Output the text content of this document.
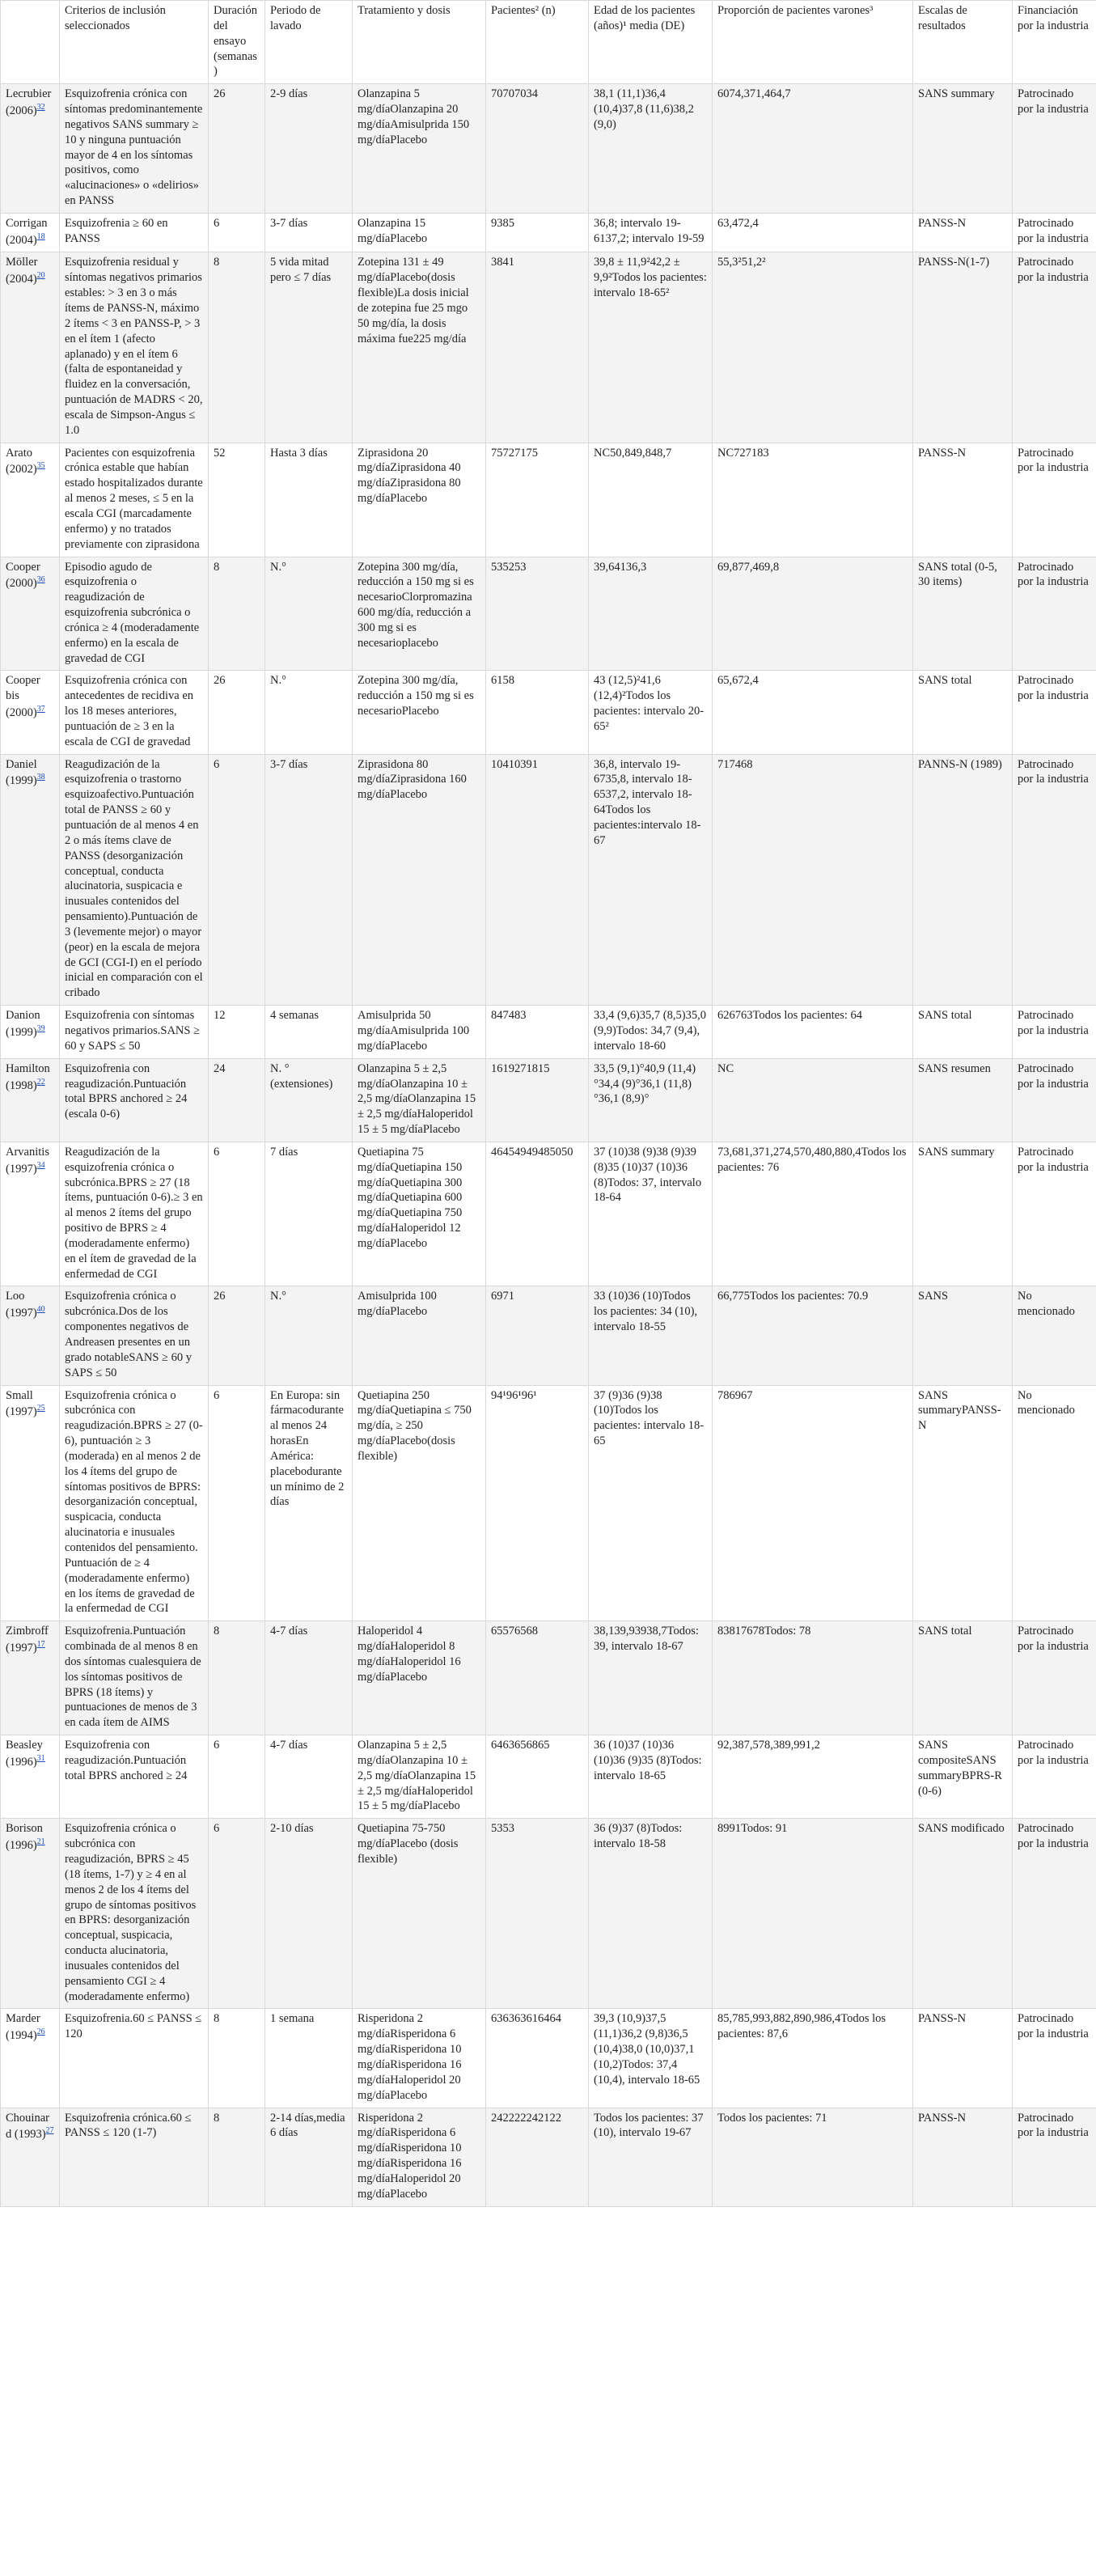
	Criterios de inclusión seleccionados	Duración del ensayo (semanas)	Periodo de lavado	Tratamiento y dosis	Pacientes² (n)	Edad de los pacientes (años)¹ media (DE)	Proporción de pacientes varones³	Escalas de resultados	Financiación por la industria
Lecrubier (2006)$^{32}$	Esquizofrenia crónica con síntomas predominantemente negativos SANS summary ≥ 10 y ninguna puntuación mayor de 4 en los síntomas positivos, como «alucinaciones» o «delirios» en PANSS	26	2-9 días	Olanzapina 5 mg/díaOlanzapina 20 mg/díaAmisulprida 150 mg/díaPlacebo	70707034	38,1 (11,1)36,4 (10,4)37,8 (11,6)38,2 (9,0)	6074,371,464,7	SANS summary	Patrocinado por la industria
Corrigan (2004)$^{18}$	Esquizofrenia ≥ 60 en PANSS	6	3-7 días	Olanzapina 15 mg/díaPlacebo	9385	36,8; intervalo 19-6137,2; intervalo 19-59	63,472,4	PANSS-N	Patrocinado por la industria
Möller (2004)$^{20}$	Esquizofrenia residual y síntomas negativos primarios estables: > 3 en 3 o más ítems de PANSS-N, máximo 2 ítems < 3 en PANSS-P, > 3 en el ítem 1 (afecto aplanado) y en el ítem 6 (falta de espontaneidad y fluidez en la conversación, puntuación de MADRS < 20, escala de Simpson-Angus ≤ 1.0	8	5 vida mitad pero ≤ 7 días	Zotepina 131 ± 49 mg/díaPlacebo(dosis flexible)La dosis inicial de zotepina fue 25 mgo 50 mg/día, la dosis máxima fue225 mg/día	3841	39,8 ± 11,9²42,2 ± 9,9²Todos los pacientes: intervalo 18-65²	55,3²51,2²	PANSS-N(1-7)	Patrocinado por la industria
Arato (2002)$^{35}$	Pacientes con esquizofrenia crónica estable que habían estado hospitalizados durante al menos 2 meses, ≤ 5 en la escala CGI (marcadamente enfermo) y no tratados previamente con ziprasidona	52	Hasta 3 días	Ziprasidona 20 mg/díaZiprasidona 40 mg/díaZiprasidona 80 mg/díaPlacebo	75727175	NC50,849,848,7	NC727183	PANSS-N	Patrocinado por la industria
Cooper (2000)$^{36}$	Episodio agudo de esquizofrenia o reagudización de esquizofrenia subcrónica o crónica ≥ 4 (moderadamente enfermo) en la escala de gravedad de CGI	8	N.°	Zotepina 300 mg/día, reducción a 150 mg si es necesarioClorpromazina 600 mg/día, reducción a 300 mg si es necesarioplacebo	535253	39,64136,3	69,877,469,8	SANS total (0-5, 30 items)	Patrocinado por la industria
Cooper bis (2000)$^{37}$	Esquizofrenia crónica con antecedentes de recidiva en los 18 meses anteriores, puntuación de ≥ 3 en la escala de CGI de gravedad	26	N.°	Zotepina 300 mg/día, reducción a 150 mg si es necesarioPlacebo	6158	43 (12,5)²41,6 (12,4)²Todos los pacientes: intervalo 20-65²	65,672,4	SANS total	Patrocinado por la industria
Daniel (1999)$^{38}$	Reagudización de la esquizofrenia o trastorno esquizoafectivo.Puntuación total de PANSS ≥ 60 y puntuación de al menos 4 en 2 o más ítems clave de PANSS (desorganización conceptual, conducta alucinatoria, suspicacia e inusuales contenidos del pensamiento).Puntuación de 3 (levemente mejor) o mayor (peor) en la escala de mejora de GCI (CGI-I) en el período inicial en comparación con el cribado	6	3-7 días	Ziprasidona 80 mg/díaZiprasidona 160 mg/díaPlacebo	10410391	36,8, intervalo 19-6735,8, intervalo 18-6537,2, intervalo 18-64Todos los pacientes:intervalo 18-67	717468	PANNS-N (1989)	Patrocinado por la industria
Danion (1999)$^{39}$	Esquizofrenia con síntomas negativos primarios.SANS ≥ 60 y SAPS ≤ 50	12	4 semanas	Amisulprida 50 mg/díaAmisulprida 100 mg/díaPlacebo	847483	33,4 (9,6)35,7 (8,5)35,0 (9,9)Todos: 34,7 (9,4), intervalo 18-60	626763Todos los pacientes: 64	SANS total	Patrocinado por la industria
Hamilton (1998)$^{22}$	Esquizofrenia con reagudización.Puntuación total BPRS anchored ≥ 24 (escala 0-6)	24	N. °(extensiones)	Olanzapina 5 ± 2,5 mg/díaOlanzapina 10 ± 2,5 mg/díaOlanzapina 15 ± 2,5 mg/díaHaloperidol 15 ± 5 mg/díaPlacebo	1619271815	33,5 (9,1)°40,9 (11,4)°34,4 (9)°36,1 (11,8)°36,1 (8,9)°	NC	SANS resumen	Patrocinado por la industria
Arvanitis (1997)$^{34}$	Reagudización de la esquizofrenia crónica o subcrónica.BPRS ≥ 27 (18 ítems, puntuación 0-6).≥ 3 en al menos 2 ítems del grupo positivo de BPRS ≥ 4 (moderadamente enfermo) en el ítem de gravedad de la enfermedad de CGI	6	7 días	Quetiapina 75 mg/díaQuetiapina 150 mg/díaQuetiapina 300 mg/díaQuetiapina 600 mg/díaQuetiapina 750 mg/díaHaloperidol 12 mg/díaPlacebo	46454949485050	37 (10)38 (9)38 (9)39 (8)35 (10)37 (10)36 (8)Todos: 37, intervalo 18-64	73,681,371,274,570,480,880,4Todos los pacientes: 76	SANS summary	Patrocinado por la industria
Loo (1997)$^{40}$	Esquizofrenia crónica o subcrónica.Dos de los componentes negativos de Andreasen presentes en un grado notableSANS ≥ 60 y SAPS ≤ 50	26	N.°	Amisulprida 100 mg/díaPlacebo	6971	33 (10)36 (10)Todos los pacientes: 34 (10), intervalo 18-55	66,775Todos los pacientes: 70.9	SANS	No mencionado
Small (1997)$^{25}$	Esquizofrenia crónica o subcrónica con reagudización.BPRS ≥ 27 (0-6), puntuación ≥ 3 (moderada) en al menos 2 de los 4 ítems del grupo de síntomas positivos de BPRS: desorganización conceptual, suspicacia, conducta alucinatoria e inusuales contenidos del pensamiento. Puntuación de ≥ 4 (moderadamente enfermo) en los ítems de gravedad de la enfermedad de CGI	6	En Europa: sin fármacodurante al menos 24 horasEn América: placebodurante un mínimo de 2 días	Quetiapina 250 mg/díaQuetiapina ≤ 750 mg/día, ≥ 250 mg/díaPlacebo(dosis flexible)	94¹96¹96¹	37 (9)36 (9)38 (10)Todos los pacientes: intervalo 18-65	786967	SANS summaryPANSS-N	No mencionado
Zimbroff (1997)$^{17}$	Esquizofrenia.Puntuación combinada de al menos 8 en dos síntomas cualesquiera de los síntomas positivos de BPRS (18 ítems) y puntuaciones de menos de 3 en cada ítem de AIMS	8	4-7 días	Haloperidol 4 mg/díaHaloperidol 8 mg/díaHaloperidol 16 mg/díaPlacebo	65576568	38,139,93938,7Todos: 39, intervalo 18-67	83817678Todos: 78	SANS total	Patrocinado por la industria
Beasley (1996)$^{31}$	Esquizofrenia con reagudización.Puntuación total BPRS anchored ≥ 24	6	4-7 días	Olanzapina 5 ± 2,5 mg/díaOlanzapina 10 ± 2,5 mg/díaOlanzapina 15 ± 2,5 mg/díaHaloperidol 15 ± 5 mg/díaPlacebo	6463656865	36 (10)37 (10)36 (10)36 (9)35 (8)Todos: intervalo 18-65	92,387,578,389,991,2	SANS compositeSANS summaryBPRS-R (0-6)	Patrocinado por la industria
Borison (1996)$^{21}$	Esquizofrenia crónica o subcrónica con reagudización, BPRS ≥ 45 (18 ítems, 1-7) y ≥ 4 en al menos 2 de los 4 ítems del grupo de síntomas positivos en BPRS: desorganización conceptual, suspicacia, conducta alucinatoria, inusuales contenidos del pensamiento CGI ≥ 4 (moderadamente enfermo)	6	2-10 días	Quetiapina 75-750 mg/díaPlacebo (dosis flexible)	5353	36 (9)37 (8)Todos: intervalo 18-58	8991Todos: 91	SANS modificado	Patrocinado por la industria
Marder (1994)$^{26}$	Esquizofrenia.60 ≤ PANSS ≤ 120	8	1 semana	Risperidona 2 mg/díaRisperidona 6 mg/díaRisperidona 10 mg/díaRisperidona 16 mg/díaHaloperidol 20 mg/díaPlacebo	636363616464	39,3 (10,9)37,5 (11,1)36,2 (9,8)36,5 (10,4)38,0 (10,0)37,1 (10,2)Todos: 37,4 (10,4), intervalo 18-65	85,785,993,882,890,986,4Todos los pacientes: 87,6	PANSS-N	Patrocinado por la industria
Chouinard (1993)$^{27}$	Esquizofrenia crónica.60 ≤ PANSS ≤ 120 (1-7)	8	2-14 días,media 6 días	Risperidona 2 mg/díaRisperidona 6 mg/díaRisperidona 10 mg/díaRisperidona 16 mg/díaHaloperidol 20 mg/díaPlacebo	242222242122	Todos los pacientes: 37 (10), intervalo 19-67	Todos los pacientes: 71	PANSS-N	Patrocinado por la industria
